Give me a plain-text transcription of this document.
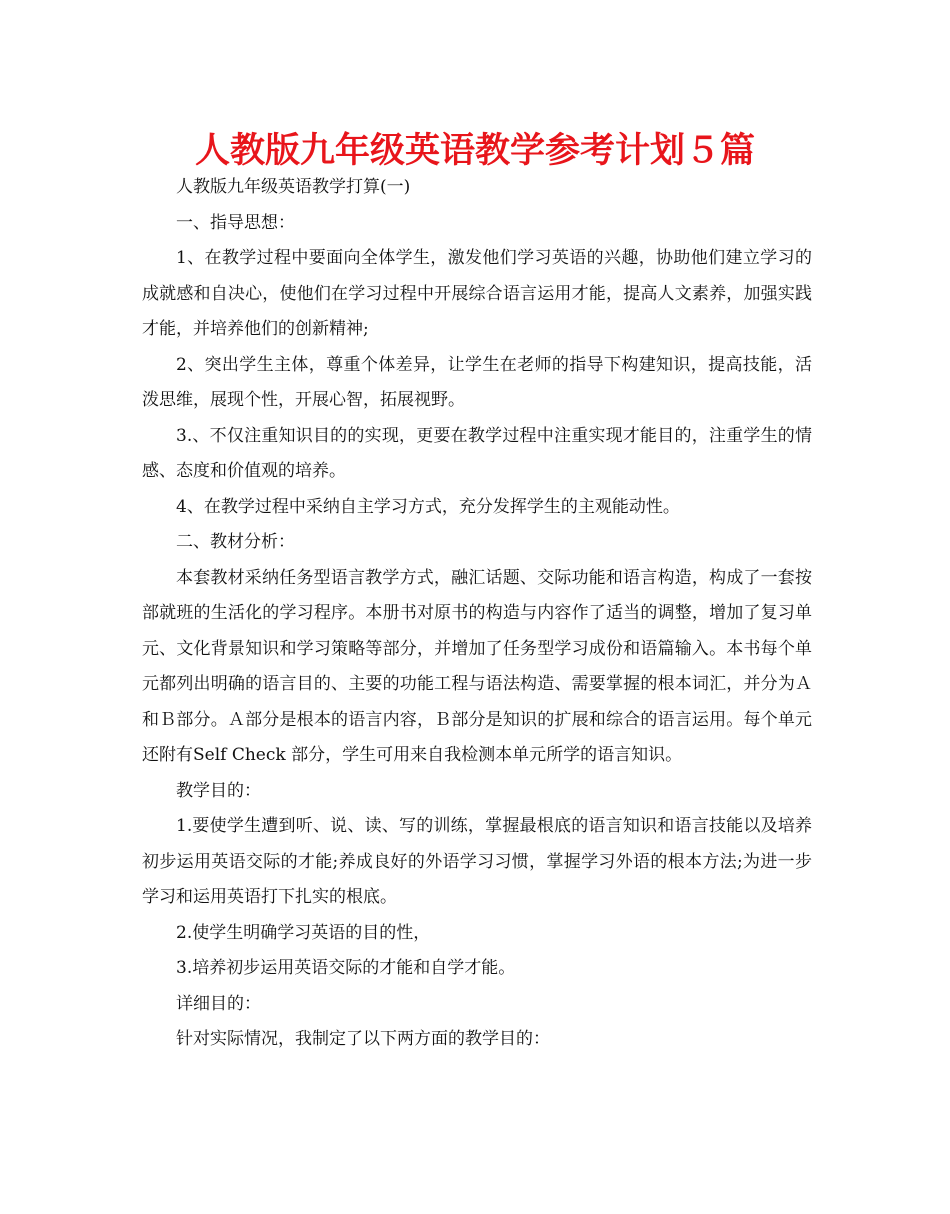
人教版九年级英语教学参考计划５篇

人教版九年级英语教学打算(一)

一、指导思想：

1、在教学过程中要面向全体学生，激发他们学习英语的兴趣，协助他们建立学习的成就感和自决心，使他们在学习过程中开展综合语言运用才能，提高人文素养，加强实践才能，并培养他们的创新精神;

2、突出学生主体，尊重个体差异，让学生在老师的指导下构建知识，提高技能，活泼思维，展现个性，开展心智，拓展视野。

3.、不仅注重知识目的的实现，更要在教学过程中注重实现才能目的，注重学生的情感、态度和价值观的培养。

4、在教学过程中采纳自主学习方式，充分发挥学生的主观能动性。

二、教材分析：

本套教材采纳任务型语言教学方式，融汇话题、交际功能和语言构造，构成了一套按部就班的生活化的学习程序。本册书对原书的构造与内容作了适当的调整，增加了复习单元、文化背景知识和学习策略等部分，并增加了任务型学习成份和语篇输入。本书每个单元都列出明确的语言目的、主要的功能工程与语法构造、需要掌握的根本词汇，并分为Ａ和Ｂ部分。Ａ部分是根本的语言内容，Ｂ部分是知识的扩展和综合的语言运用。每个单元还附有Self Check 部分，学生可用来自我检测本单元所学的语言知识。

教学目的：

1.要使学生遭到听、说、读、写的训练，掌握最根底的语言知识和语言技能以及培养初步运用英语交际的才能;养成良好的外语学习习惯，掌握学习外语的根本方法;为进一步学习和运用英语打下扎实的根底。

2.使学生明确学习英语的目的性，

3.培养初步运用英语交际的才能和自学才能。

详细目的：

针对实际情况，我制定了以下两方面的教学目的：
